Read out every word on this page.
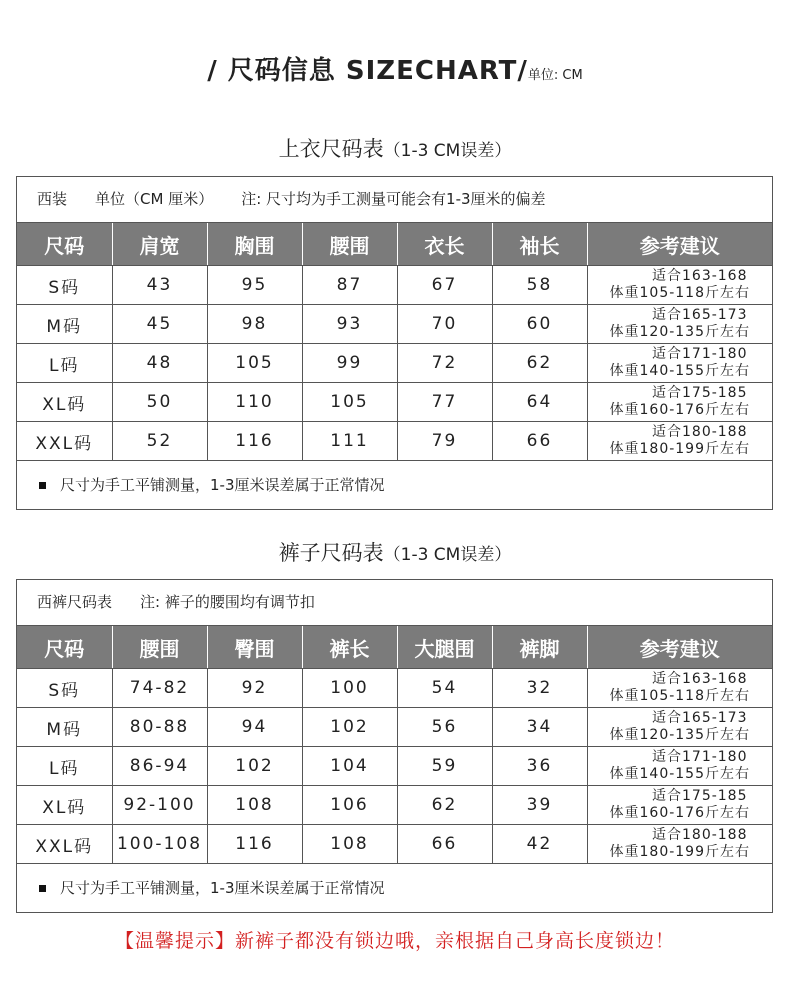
/ 尺码信息 SIZECHART/单位: CM
上衣尺码表（1-3 CM误差）
西装 单位（CM 厘米） 注: 尺寸均为手工测量可能会有1-3厘米的偏差
尺码	肩宽	胸围	腰围	衣长	袖长	参考建议
S码	43	95	87	67	58	适合163-168
体重105-118斤左右

M码	45	98	93	70	60	适合165-173
体重120-135斤左右

L码	48	105	99	72	62	适合171-180
体重140-155斤左右

XL码	50	110	105	77	64	适合175-185
体重160-176斤左右

XXL码	52	116	111	79	66	适合180-188
体重180-199斤左右
尺寸为手工平铺测量，1-3厘米误差属于正常情况
裤子尺码表（1-3 CM误差）
西裤尺码表 注: 裤子的腰围均有调节扣
尺码	腰围	臀围	裤长	大腿围	裤脚	参考建议
S码	74-82	92	100	54	32	适合163-168
体重105-118斤左右

M码	80-88	94	102	56	34	适合165-173
体重120-135斤左右

L码	86-94	102	104	59	36	适合171-180
体重140-155斤左右

XL码	92-100	108	106	62	39	适合175-185
体重160-176斤左右

XXL码	100-108	116	108	66	42	适合180-188
体重180-199斤左右
尺寸为手工平铺测量，1-3厘米误差属于正常情况
【温馨提示】新裤子都没有锁边哦，亲根据自己身高长度锁边！
